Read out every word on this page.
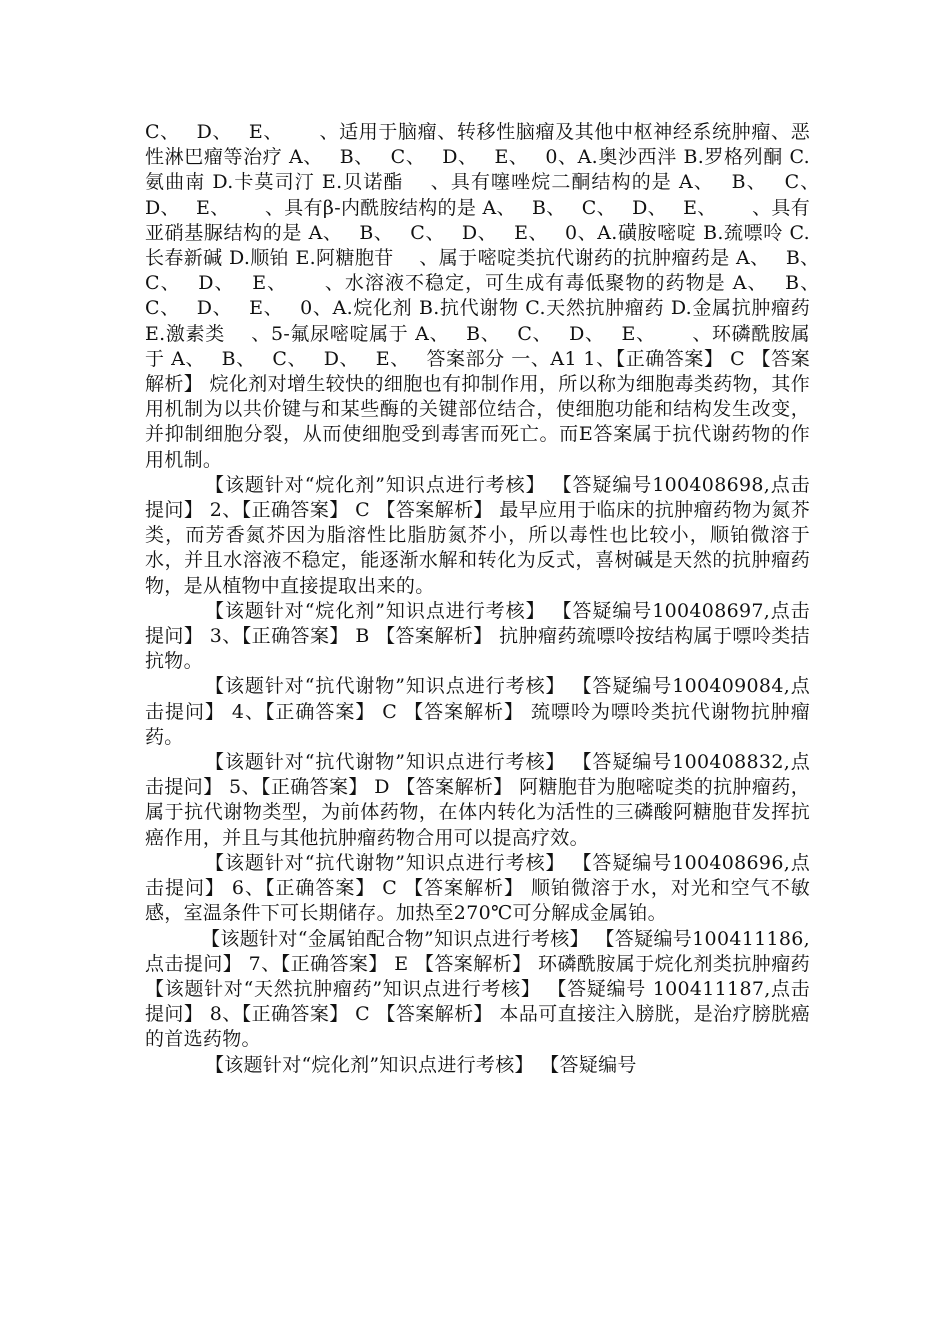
C、　 D、　 E、　　 、适用于脑瘤、转移性脑瘤及其他中枢神经系统肿瘤、恶性淋巴瘤等治疗 A、　 B、　 C、　 D、　 E、　 0、A.奥沙西泮 B.罗格列酮 C.氨曲南 D.卡莫司汀 E.贝诺酯　 、具有噻唑烷二酮结构的是 A、　 B、　 C、　 D、　 E、　　 、具有β-内酰胺结构的是 A、　 B、　 C、　 D、　 E、　　 、具有亚硝基脲结构的是 A、　 B、　 C、　 D、　 E、　 0、A.磺胺嘧啶 B.巯嘌呤 C.长春新碱 D.顺铂 E.阿糖胞苷　 、属于嘧啶类抗代谢药的抗肿瘤药是 A、　 B、　 C、　 D、　 E、　　 、水溶液不稳定，可生成有毒低聚物的药物是 A、　 B、　 C、　 D、　 E、　 0、A.烷化剂 B.抗代谢物 C.天然抗肿瘤药 D.金属抗肿瘤药 E.激素类　 、5-氟尿嘧啶属于 A、　 B、　 C、　 D、　 E、　　 、环磷酰胺属于 A、　 B、　 C、　 D、　 E、　 答案部分 一、A1 1、【正确答案】 C 【答案解析】 烷化剂对增生较快的细胞也有抑制作用，所以称为细胞毒类药物，其作用机制为以共价键与和某些酶的关键部位结合，使细胞功能和结构发生改变，并抑制细胞分裂，从而使细胞受到毒害而死亡。而E答案属于抗代谢药物的作用机制。

【该题针对“烷化剂”知识点进行考核】 【答疑编号100408698,点击提问】 2、【正确答案】 C 【答案解析】 最早应用于临床的抗肿瘤药物为氮芥类，而芳香氮芥因为脂溶性比脂肪氮芥小，所以毒性也比较小，顺铂微溶于水，并且水溶液不稳定，能逐渐水解和转化为反式，喜树碱是天然的抗肿瘤药物，是从植物中直接提取出来的。

【该题针对“烷化剂”知识点进行考核】 【答疑编号100408697,点击提问】 3、【正确答案】 B 【答案解析】 抗肿瘤药巯嘌呤按结构属于嘌呤类拮抗物。

【该题针对“抗代谢物”知识点进行考核】 【答疑编号100409084,点击提问】 4、【正确答案】 C 【答案解析】 巯嘌呤为嘌呤类抗代谢物抗肿瘤药。

【该题针对“抗代谢物”知识点进行考核】 【答疑编号100408832,点击提问】 5、【正确答案】 D 【答案解析】 阿糖胞苷为胞嘧啶类的抗肿瘤药，属于抗代谢物类型，为前体药物，在体内转化为活性的三磷酸阿糖胞苷发挥抗癌作用，并且与其他抗肿瘤药物合用可以提高疗效。

【该题针对“抗代谢物”知识点进行考核】 【答疑编号100408696,点击提问】 6、【正确答案】 C 【答案解析】 顺铂微溶于水，对光和空气不敏感，室温条件下可长期储存。加热至270℃可分解成金属铂。

【该题针对“金属铂配合物”知识点进行考核】 【答疑编号100411186,点击提问】 7、【正确答案】 E 【答案解析】 环磷酰胺属于烷化剂类抗肿瘤药 【该题针对“天然抗肿瘤药”知识点进行考核】 【答疑编号 100411187,点击提问】 8、【正确答案】 C 【答案解析】 本品可直接注入膀胱，是治疗膀胱癌的首选药物。

【该题针对“烷化剂”知识点进行考核】 【答疑编号
